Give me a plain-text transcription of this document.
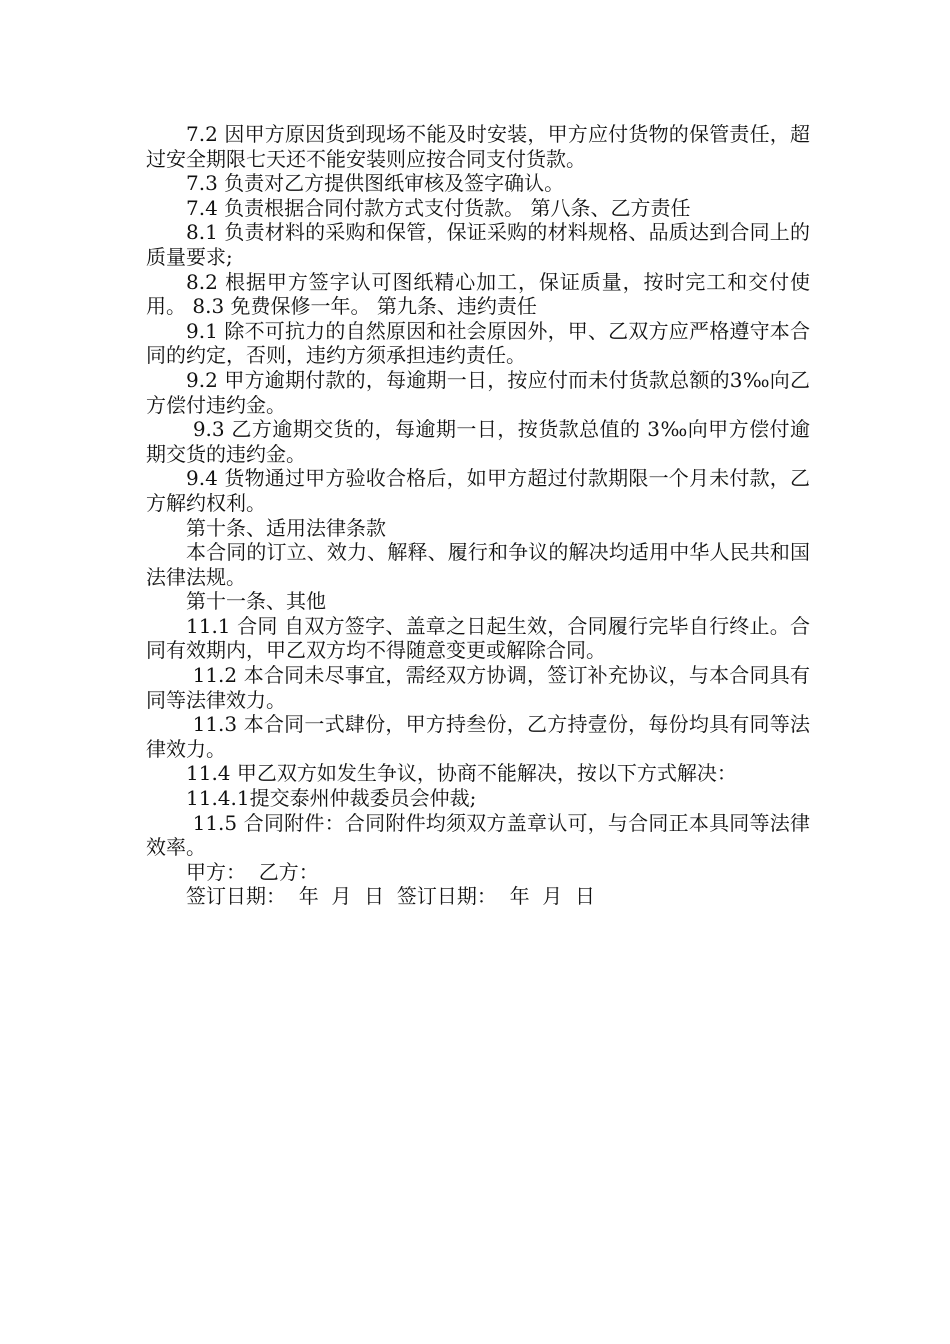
7.2 因甲方原因货到现场不能及时安装，甲方应付货物的保管责任，超过安全期限七天还不能安装则应按合同支付货款。

7.3 负责对乙方提供图纸审核及签字确认。

7.4 负责根据合同付款方式支付货款。 第八条、乙方责任

8.1 负责材料的采购和保管，保证采购的材料规格、品质达到合同上的质量要求;

8.2 根据甲方签字认可图纸精心加工，保证质量，按时完工和交付使用。 8.3 免费保修一年。 第九条、违约责任

9.1 除不可抗力的自然原因和社会原因外，甲、乙双方应严格遵守本合同的约定，否则，违约方须承担违约责任。

9.2 甲方逾期付款的，每逾期一日，按应付而未付货款总额的3‰向乙方偿付违约金。

9.3 乙方逾期交货的，每逾期一日，按货款总值的 3‰向甲方偿付逾期交货的违约金。

9.4 货物通过甲方验收合格后，如甲方超过付款期限一个月未付款，乙方解约权利。

第十条、适用法律条款

本合同的订立、效力、解释、履行和争议的解决均适用中华人民共和国法律法规。

第十一条、其他

11.1 合同 自双方签字、盖章之日起生效，合同履行完毕自行终止。合同有效期内，甲乙双方均不得随意变更或解除合同。

11.2 本合同未尽事宜，需经双方协调，签订补充协议，与本合同具有同等法律效力。

11.3 本合同一式肆份，甲方持叁份，乙方持壹份，每份均具有同等法律效力。

11.4 甲乙双方如发生争议，协商不能解决，按以下方式解决：

11.4.1提交泰州仲裁委员会仲裁;

11.5 合同附件：合同附件均须双方盖章认可，与合同正本具同等法律效率。

甲方：  乙方：

签订日期：  年  月  日  签订日期：  年  月  日
